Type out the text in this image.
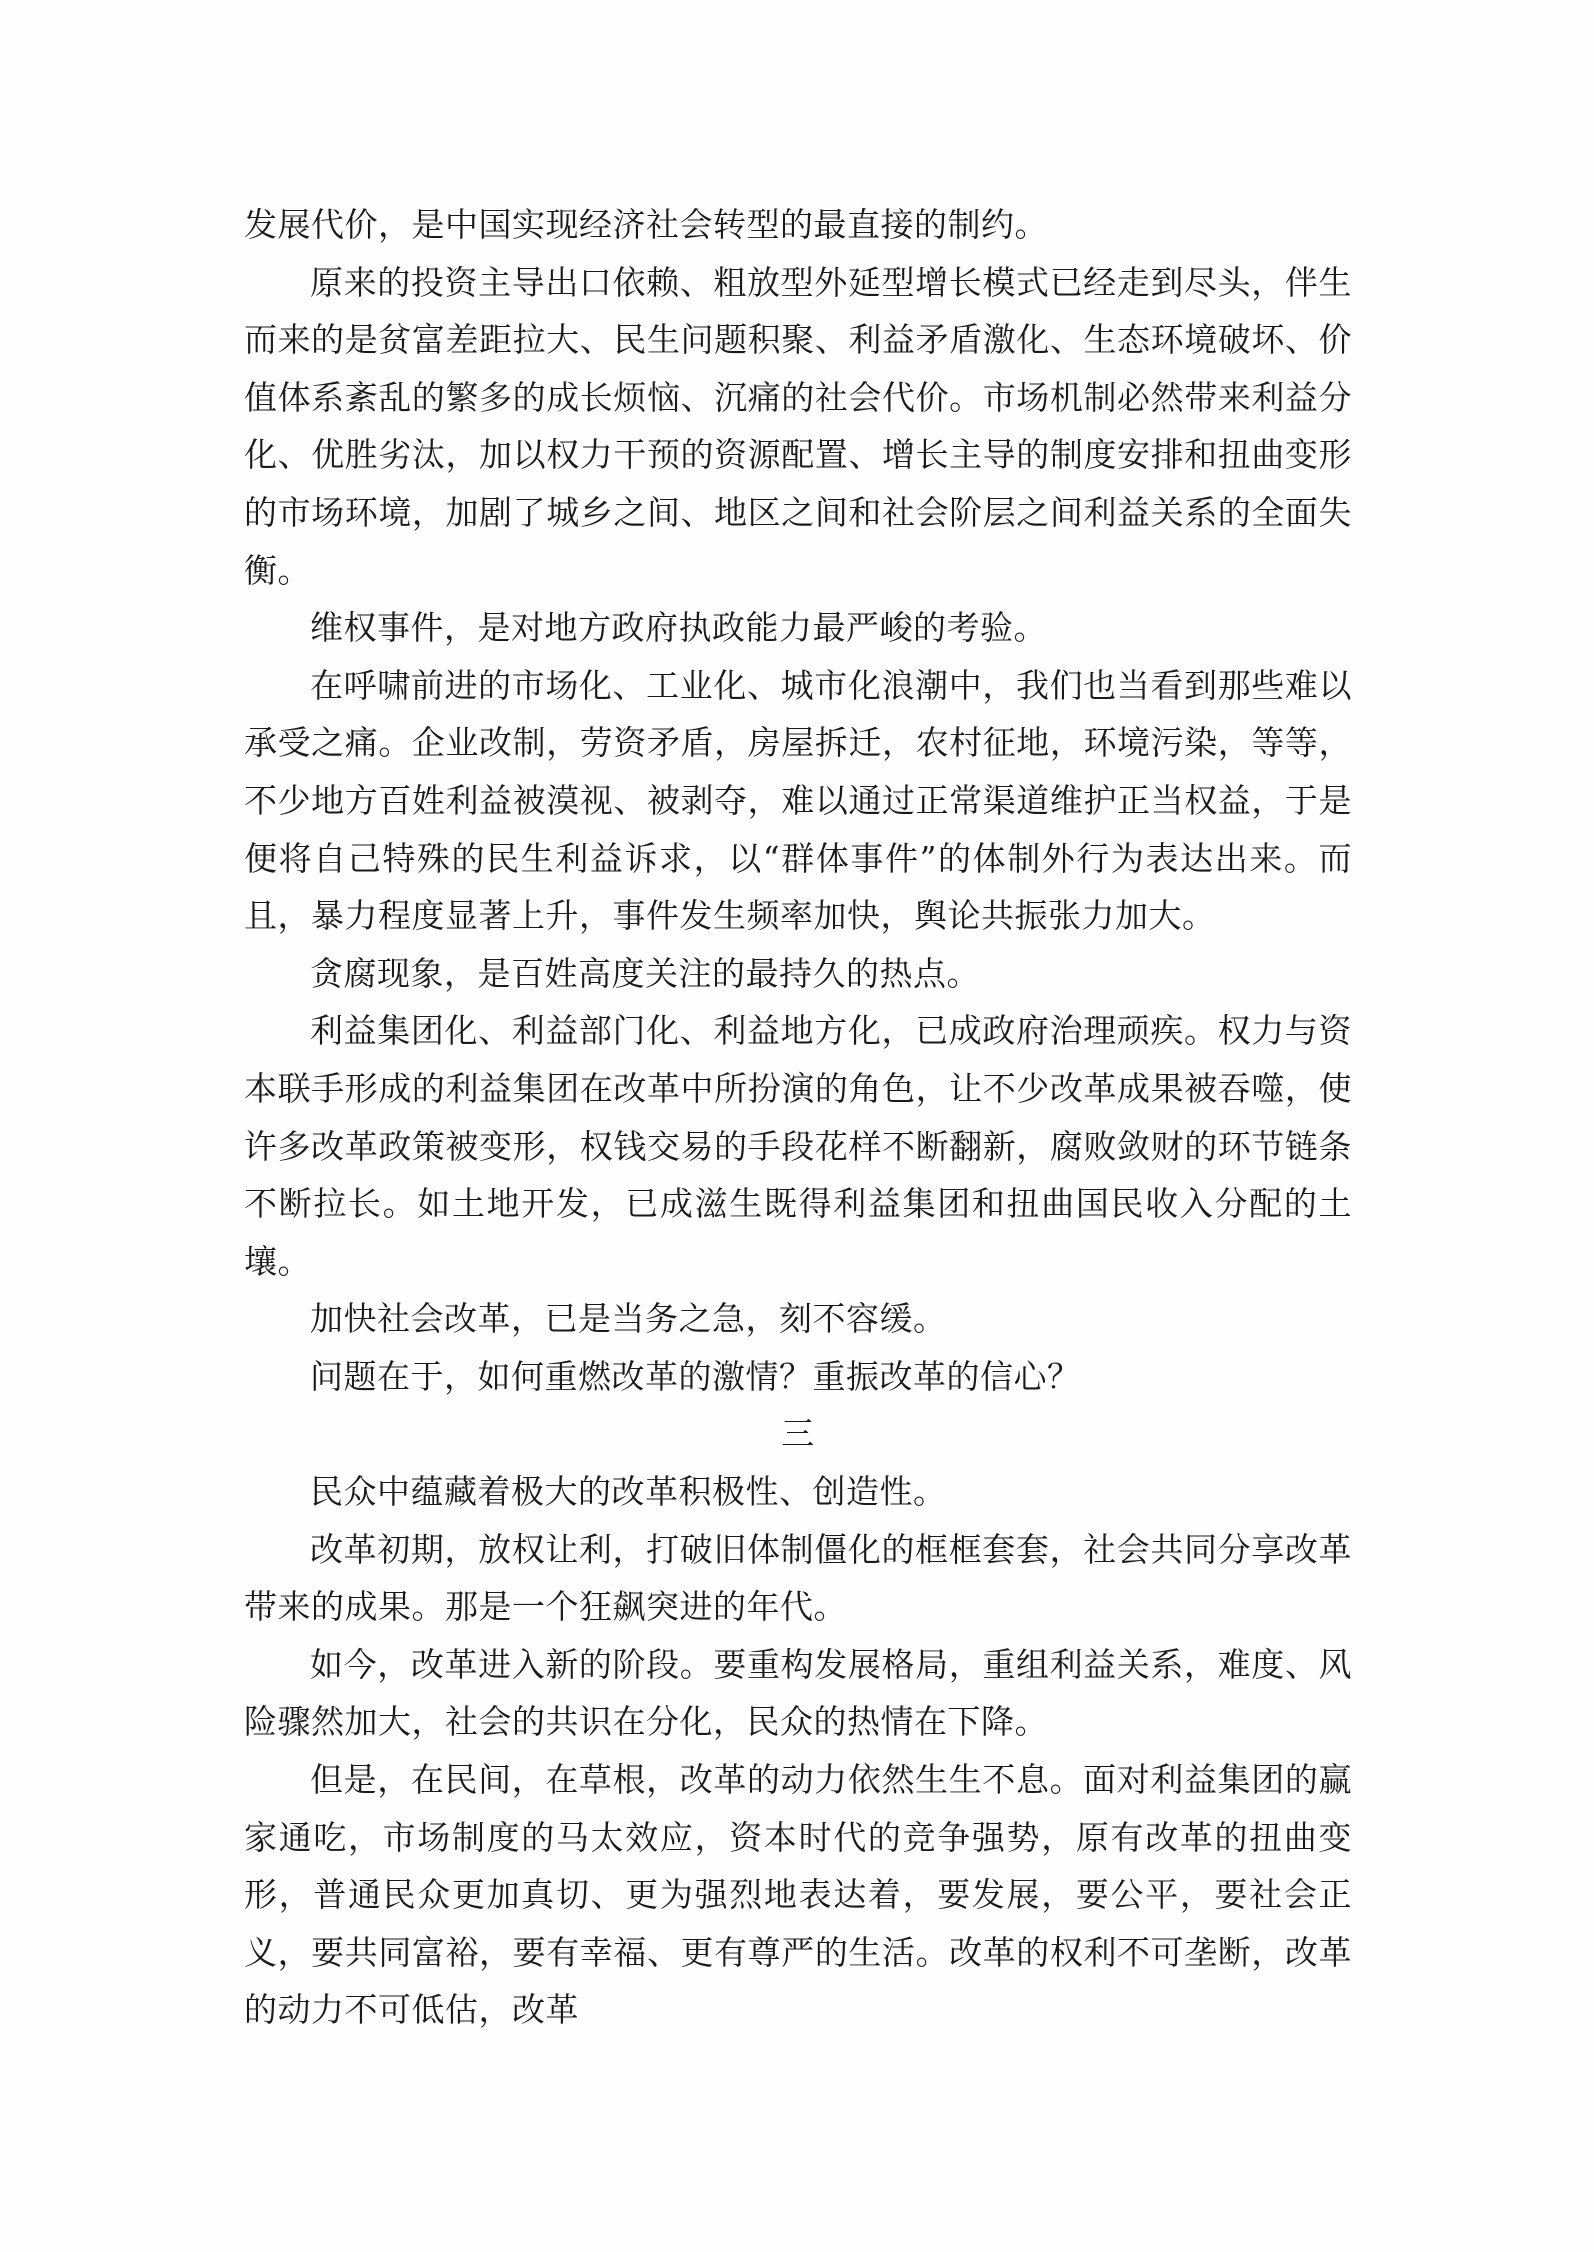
发展代价，是中国实现经济社会转型的最直接的制约。

原来的投资主导出口依赖、粗放型外延型增长模式已经走到尽头，伴生而来的是贫富差距拉大、民生问题积聚、利益矛盾激化、生态环境破坏、价值体系紊乱的繁多的成长烦恼、沉痛的社会代价。市场机制必然带来利益分化、优胜劣汰，加以权力干预的资源配置、增长主导的制度安排和扭曲变形的市场环境，加剧了城乡之间、地区之间和社会阶层之间利益关系的全面失衡。

维权事件，是对地方政府执政能力最严峻的考验。

在呼啸前进的市场化、工业化、城市化浪潮中，我们也当看到那些难以承受之痛。企业改制，劳资矛盾，房屋拆迁，农村征地，环境污染，等等，不少地方百姓利益被漠视、被剥夺，难以通过正常渠道维护正当权益，于是便将自己特殊的民生利益诉求，以“群体事件”的体制外行为表达出来。而且，暴力程度显著上升，事件发生频率加快，舆论共振张力加大。

贪腐现象，是百姓高度关注的最持久的热点。

利益集团化、利益部门化、利益地方化，已成政府治理顽疾。权力与资本联手形成的利益集团在改革中所扮演的角色，让不少改革成果被吞噬，使许多改革政策被变形，权钱交易的手段花样不断翻新，腐败敛财的环节链条不断拉长。如土地开发，已成滋生既得利益集团和扭曲国民收入分配的土壤。

加快社会改革，已是当务之急，刻不容缓。

问题在于，如何重燃改革的激情？重振改革的信心？

三

民众中蕴藏着极大的改革积极性、创造性。

改革初期，放权让利，打破旧体制僵化的框框套套，社会共同分享改革带来的成果。那是一个狂飙突进的年代。

如今，改革进入新的阶段。要重构发展格局，重组利益关系，难度、风险骤然加大，社会的共识在分化，民众的热情在下降。

但是，在民间，在草根，改革的动力依然生生不息。面对利益集团的赢家通吃，市场制度的马太效应，资本时代的竞争强势，原有改革的扭曲变形，普通民众更加真切、更为强烈地表达着，要发展，要公平，要社会正义，要共同富裕，要有幸福、更有尊严的生活。改革的权利不可垄断，改革的动力不可低估，改革
